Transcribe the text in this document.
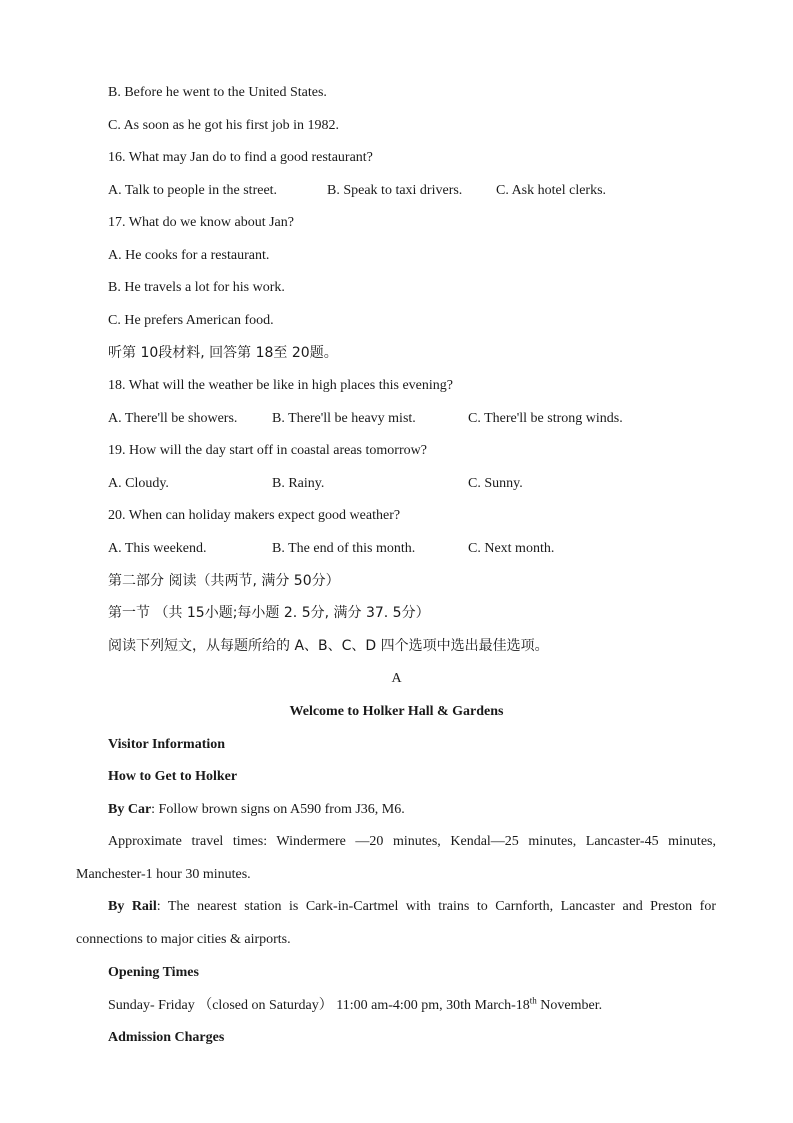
B. Before he went to the United States.
C. As soon as he got his first job in 1982.
16. What may Jan do to find a good restaurant?
A. Talk to people in the street.	B. Speak to taxi drivers. C. Ask hotel clerks.
17. What do we know about Jan?
A. He cooks for a restaurant.
B. He travels a lot for his work.
C. He prefers American food.
听第 10段材料, 回答第 18至 20题。
18. What will the weather be like in high places this evening?
A. There'll be showers. B. There'll be heavy mist.	C. There'll be strong winds.
19. How will the day start off in coastal areas tomorrow?
A. Cloudy.	B. Rainy.	C. Sunny.
20. When can holiday makers expect good weather?
A. This weekend.	B. The end of this month.	C. Next month.
第二部分 阅读（共两节, 满分 50分）
第一节 （共 15小题;每小题 2. 5分, 满分 37. 5分）
阅读下列短文，从每题所给的 A、B、C、D 四个选项中选出最佳选项。
A
Welcome to Holker Hall & Gardens
Visitor Information
How to Get to Holker
By Car: Follow brown signs on A590 from J36, M6.
Approximate travel times: Windermere —20 minutes, Kendal—25 minutes, Lancaster-45 minutes, Manchester-1 hour 30 minutes.
By Rail: The nearest station is Cark-in-Cartmel with trains to Carnforth, Lancaster and Preston for connections to major cities & airports.
Opening Times
Sunday- Friday （closed on Saturday） 11:00 am-4:00 pm, 30th March-18th November.
Admission Charges
